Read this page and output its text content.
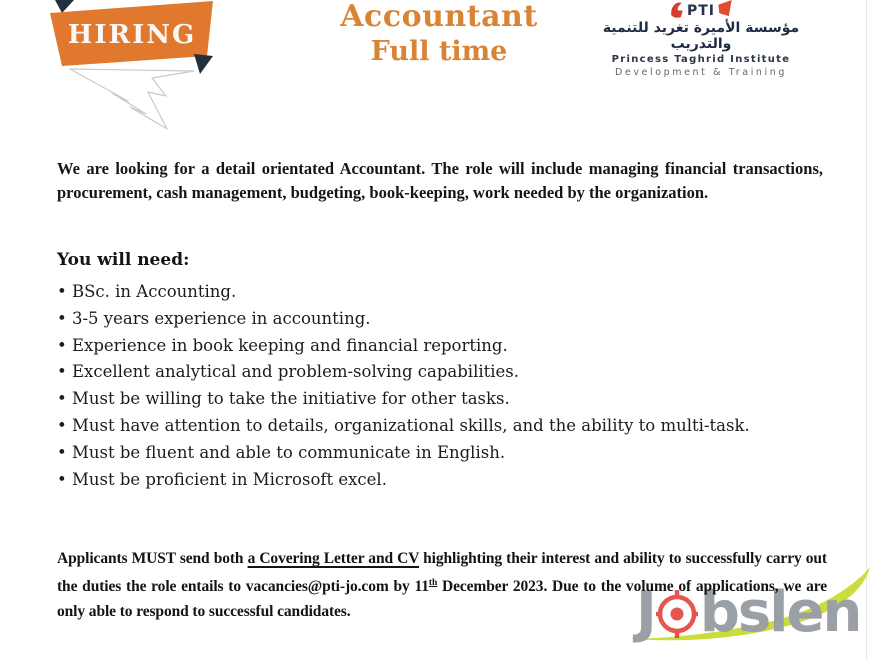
HIRING
Accountant
Full time
PTI
مؤسسة الأميرة تغريد للتنمية والتدريب
Princess Taghrid Institute
Development & Training

We are looking for a detail orientated Accountant. The role will include managing financial transactions, procurement, cash management, budgeting, book-keeping, work needed by the organization.

You will need:
• BSc. in Accounting.
• 3-5 years experience in accounting.
• Experience in book keeping and financial reporting.
• Excellent analytical and problem-solving capabilities.
• Must be willing to take the initiative for other tasks.
• Must have attention to details, organizational skills, and the ability to multi-task.
• Must be fluent and able to communicate in English.
• Must be proficient in Microsoft excel.

Applicants MUST send both a Covering Letter and CV highlighting their interest and ability to successfully carry out the duties the role entails to vacancies@pti-jo.com by 11th December 2023. Due to the volume of applications, we are only able to respond to successful candidates.	J bslen
